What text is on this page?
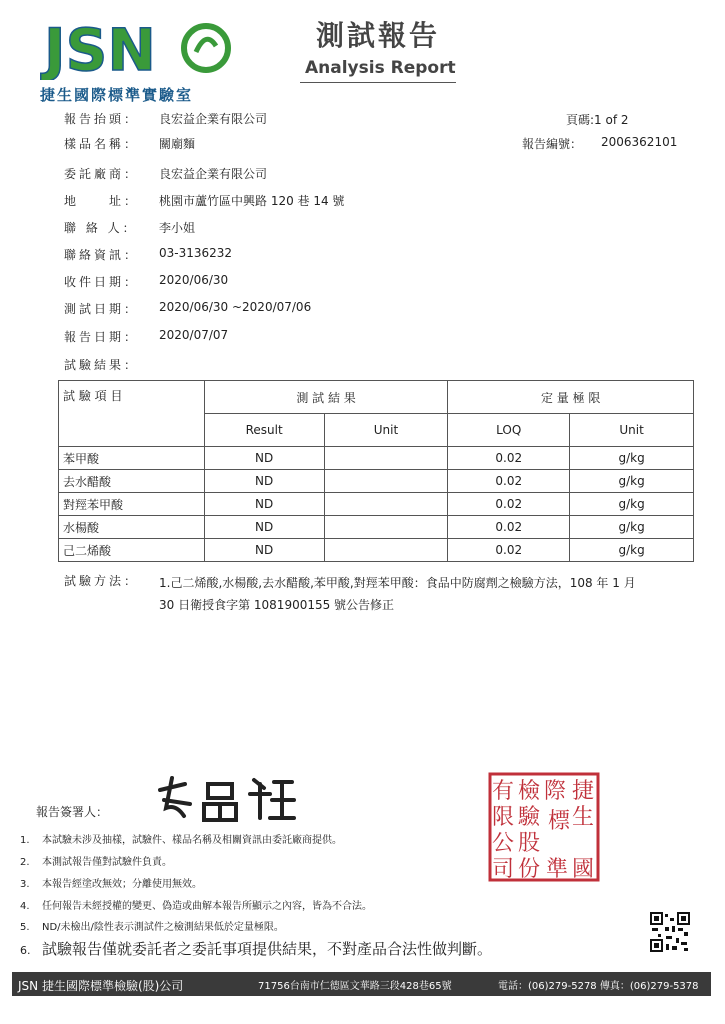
JSN
捷生國際標準實驗室
測試報告
Analysis Report
頁碼:1 of 2
報告編號： 2006362101
報告抬頭：	良宏益企業有限公司
樣品名稱：	關廟麵
委託廠商：	良宏益企業有限公司
地　　址：	桃園市蘆竹區中興路 120 巷 14 號
聯 絡 人：	李小姐
聯絡資訊：	03-3136232
收件日期：	2020/06/30
測試日期：	2020/06/30 ~2020/07/06
報告日期：	2020/07/07
試驗結果：
試 驗 項 目	測 試 結 果		定 量 極 限	
	Result	Unit	LOQ	Unit
苯甲酸	ND		0.02	g/kg
去水醋酸	ND		0.02	g/kg
對羥苯甲酸	ND		0.02	g/kg
水楊酸	ND		0.02	g/kg
己二烯酸	ND		0.02	g/kg
試驗方法： 1.己二烯酸,水楊酸,去水醋酸,苯甲酸,對羥苯甲酸：食品中防腐劑之檢驗方法，108 年 1 月
30 日衛授食字第 1081900155 號公告修正
報告簽署人：
有 檢 際 捷
限 驗 標 生
公 股
司 份 準 國
1. 本試驗未涉及抽樣，試驗件、樣品名稱及相關資訊由委託廠商提供。
2. 本測試報告僅對試驗件負責。
3. 本報告經塗改無效；分離使用無效。
4. 任何報告未經授權的變更、偽造或曲解本報告所顯示之內容，皆為不合法。
5. ND/未檢出/陰性表示測試件之檢測結果低於定量極限。
6. 試驗報告僅就委託者之委託事項提供結果，不對產品合法性做判斷。
JSN 捷生國際標準檢驗(股)公司	71756台南市仁德區文華路三段428巷65號	電話：(06)279-5278 傳真：(06)279-5378
